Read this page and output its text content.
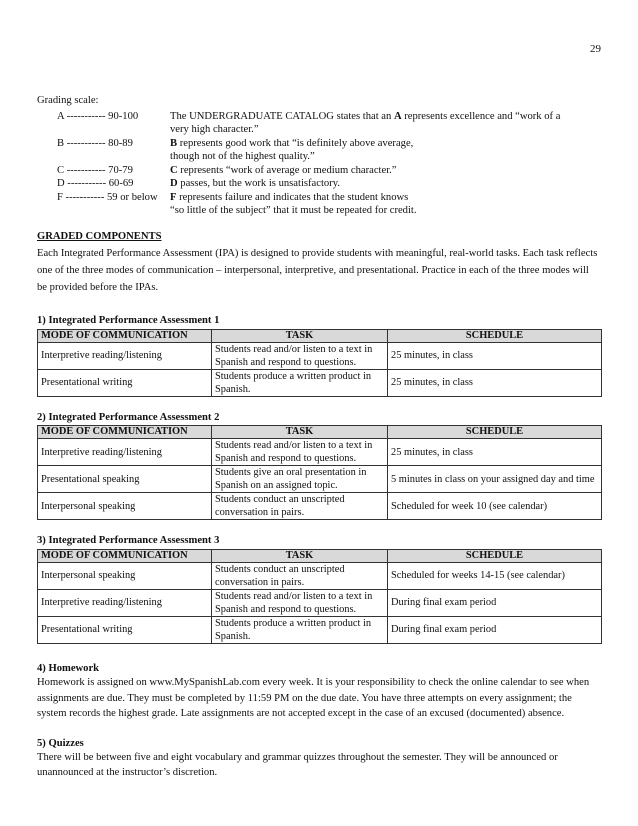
29
Grading scale:
A ----------- 90-100	The UNDERGRADUATE CATALOG states that an A represents excellence and “work of a
very high character.”
B ----------- 80-89	B represents good work that “is definitely above average,
though not of the highest quality.”
C ----------- 70-79	C represents “work of average or medium character.”
D ----------- 60-69	D passes, but the work is unsatisfactory.
F ----------- 59 or below	F represents failure and indicates that the student knows
“so little of the subject” that it must be repeated for credit.
GRADED COMPONENTS

Each Integrated Performance Assessment (IPA) is designed to provide students with meaningful, real-world tasks. Each task reflects one of the three modes of communication – interpersonal, interpretive, and presentational. Practice in each of the three modes will be provided before the IPAs.

1) Integrated Performance Assessment 1
MODE OF COMMUNICATION	TASK	SCHEDULE
Interpretive reading/listening	Students read and/or listen to a text in Spanish and respond to questions.	25 minutes, in class
Presentational writing	Students produce a written product in Spanish.	25 minutes, in class
2) Integrated Performance Assessment 2
MODE OF COMMUNICATION	TASK	SCHEDULE
Interpretive reading/listening	Students read and/or listen to a text in Spanish and respond to questions.	25 minutes, in class
Presentational speaking	Students give an oral presentation in Spanish on an assigned topic.	5 minutes in class on your assigned day and time
Interpersonal speaking	Students conduct an unscripted conversation in pairs.	Scheduled for week 10 (see calendar)
3) Integrated Performance Assessment 3
MODE OF COMMUNICATION	TASK	SCHEDULE
Interpersonal speaking	Students conduct an unscripted conversation in pairs.	Scheduled for weeks 14-15 (see calendar)
Interpretive reading/listening	Students read and/or listen to a text in Spanish and respond to questions.	During final exam period
Presentational writing	Students produce a written product in Spanish.	During final exam period
4) Homework

Homework is assigned on www.MySpanishLab.com every week. It is your responsibility to check the online calendar to see when assignments are due. They must be completed by 11:59 PM on the due date. You have three attempts on every assignment; the system records the highest grade. Late assignments are not accepted except in the case of an excused (documented) absence.

5) Quizzes

There will be between five and eight vocabulary and grammar quizzes throughout the semester. They will be announced or unannounced at the instructor’s discretion.
